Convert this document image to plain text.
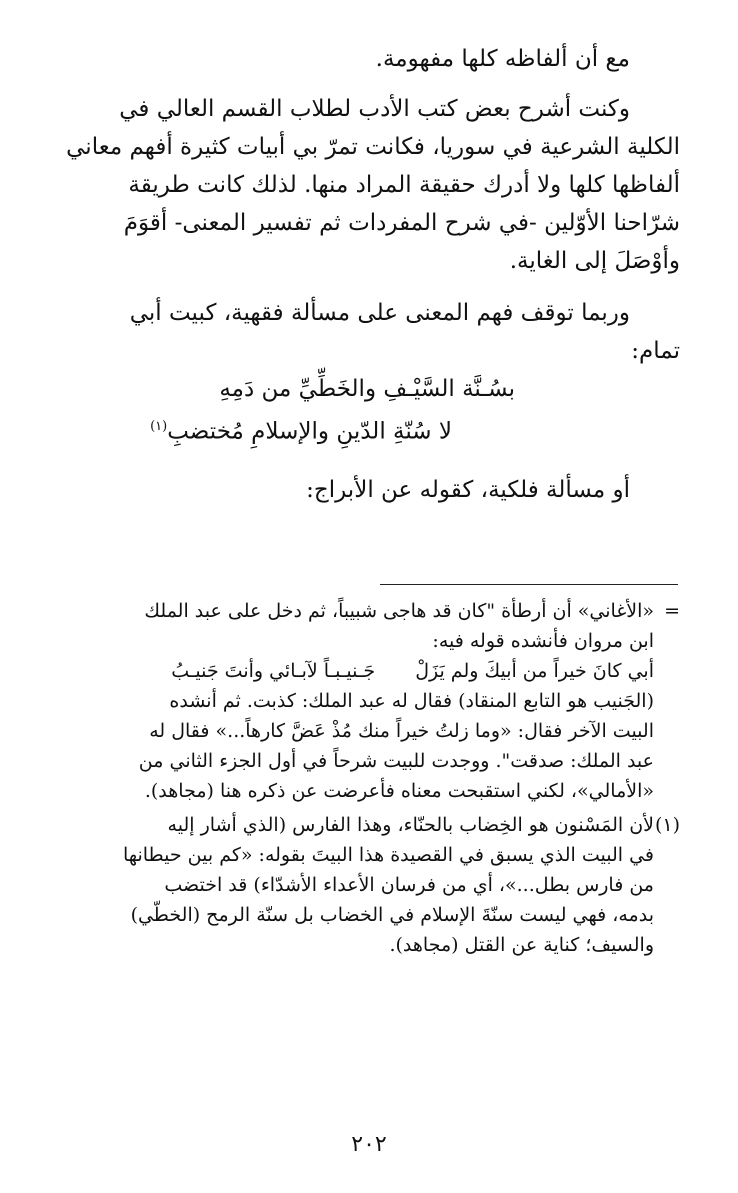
مع أن ألفاظه كلها مفهومة.

وكنت أشرح بعض كتب الأدب لطلاب القسم العالي في
الكلية الشرعية في سوريا، فكانت تمرّ بي أبيات كثيرة أفهم معاني
ألفاظها كلها ولا أدرك حقيقة المراد منها. لذلك كانت طريقة
شرّاحنا الأوّلين -في شرح المفردات ثم تفسير المعنى- أقوَمَ
وأوْصَلَ إلى الغاية.

وربما توقف فهم المعنى على مسألة فقهية، كبيت أبي
تمام:

بسُـنَّة السَّيْـفِ والخَطِّيِّ من دَمِهِ
لا سُنّةِ الدّينِ والإسلامِ مُختضبِ$^{(١)}$

أو مسألة فلكية، كقوله عن الأبراج:

=«الأغاني» أن أرطأة "كان قد هاجى شبيباً، ثم دخل على عبد الملك
ابن مروان فأنشده قوله فيه:
أبي كانَ خيراً من أبيكَ ولم يَزَلْجَـنيـبـاً لآبـائي وأنتَ جَنيـبُ
(الجَنيب هو التابع المنقاد) فقال له عبد الملك: كذبت. ثم أنشده
البيت الآخر فقال: «وما زلتُ خيراً منك مُذْ عَضَّ كارهاً...» فقال له
عبد الملك: صدقت". ووجدت للبيت شرحاً في أول الجزء الثاني من
«الأمالي»، لكني استقبحت معناه فأعرضت عن ذكره هنا (مجاهد).
(١)لأن المَسْنون هو الخِضاب بالحنّاء، وهذا الفارس (الذي أشار إليه
في البيت الذي يسبق في القصيدة هذا البيتَ بقوله: «كم بين حيطانها
من فارس بطل...»، أي من فرسان الأعداء الأشدّاء) قد اختضب
بدمه، فهي ليست سنّةَ الإسلام في الخضاب بل سنّة الرمح (الخطّي)
والسيف؛ كناية عن القتل (مجاهد).
٢٠٢
